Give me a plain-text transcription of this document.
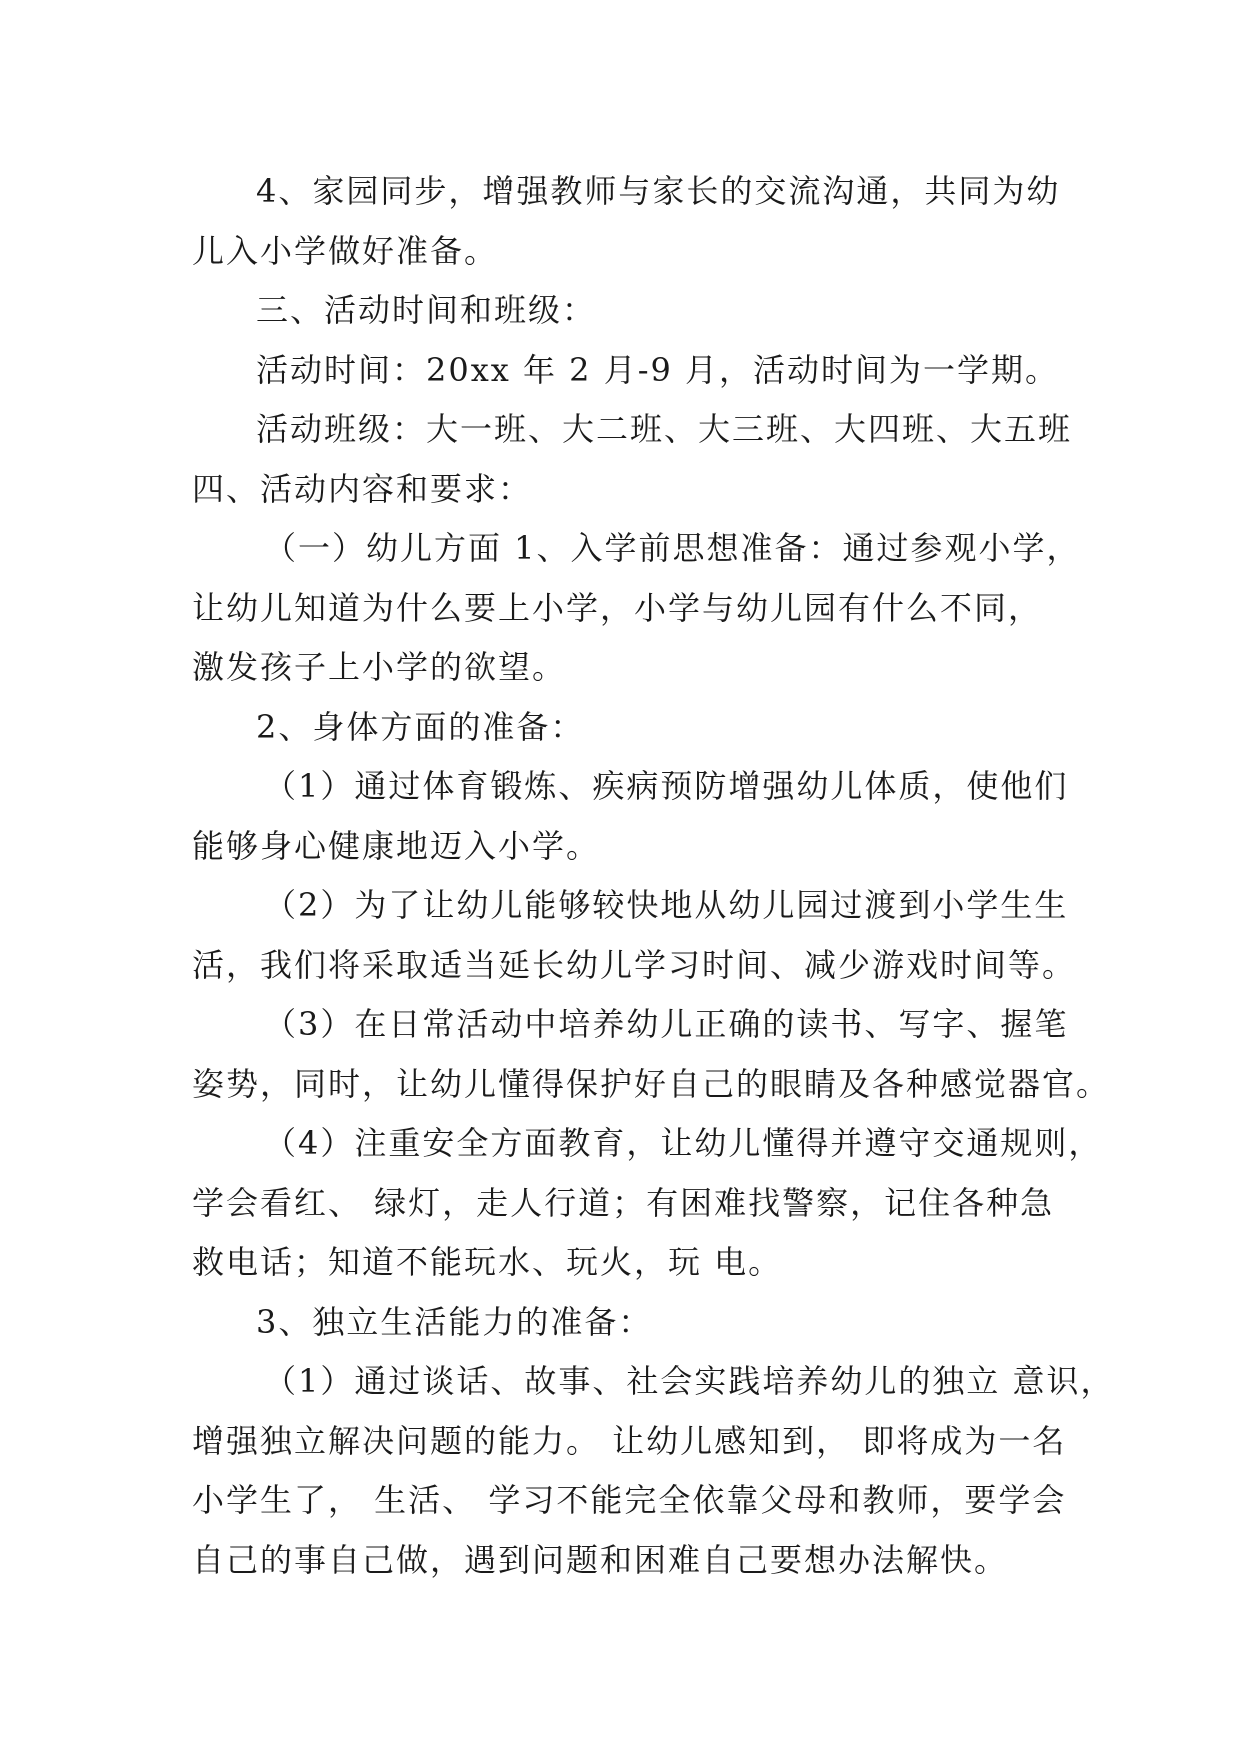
4、家园同步，增强教师与家长的交流沟通，共同为幼
儿入小学做好准备。
三、活动时间和班级：
活动时间：20xx 年 2 月-9 月，活动时间为一学期。
活动班级：大一班、大二班、大三班、大四班、大五班
四、活动内容和要求：
（一）幼儿方面 1、入学前思想准备：通过参观小学，
让幼儿知道为什么要上小学，小学与幼儿园有什么不同，
激发孩子上小学的欲望。
2、身体方面的准备：
（1）通过体育锻炼、疾病预防增强幼儿体质，使他们
能够身心健康地迈入小学。
（2）为了让幼儿能够较快地从幼儿园过渡到小学生生
活，我们将采取适当延长幼儿学习时间、减少游戏时间等。
（3）在日常活动中培养幼儿正确的读书、写字、握笔
姿势，同时，让幼儿懂得保护好自己的眼睛及各种感觉器官。
（4）注重安全方面教育，让幼儿懂得并遵守交通规则，
学会看红、 绿灯，走人行道；有困难找警察，记住各种急
救电话；知道不能玩水、玩火，玩 电。
3、独立生活能力的准备：
（1）通过谈话、故事、社会实践培养幼儿的独立 意识，
增强独立解决问题的能力。 让幼儿感知到， 即将成为一名
小学生了， 生活、 学习不能完全依靠父母和教师，要学会
自己的事自己做，遇到问题和困难自己要想办法解快。
